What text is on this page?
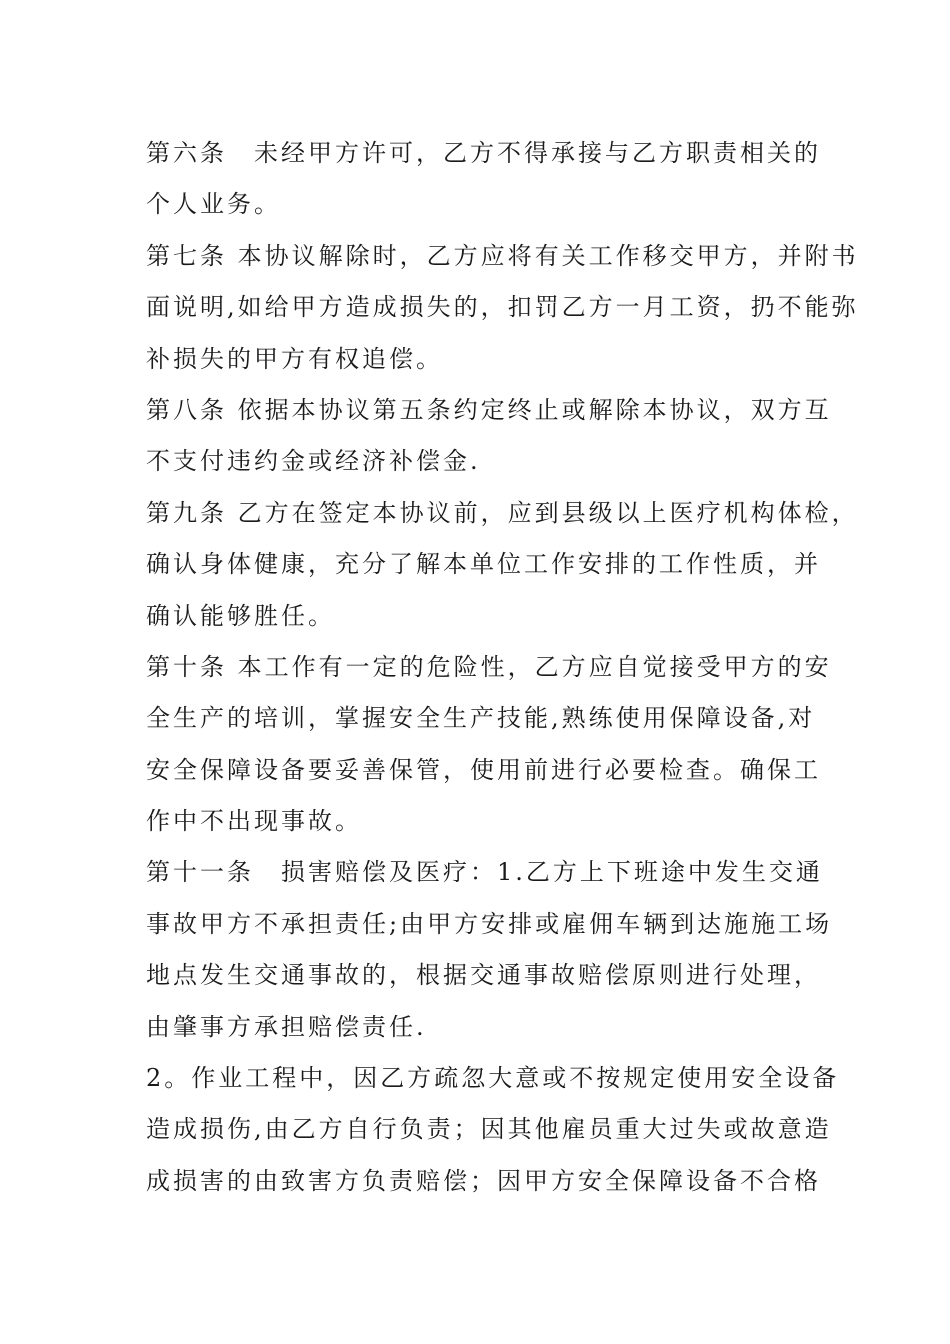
第六条　未经甲方许可，乙方不得承接与乙方职责相关的
个人业务。
第七条 本协议解除时，乙方应将有关工作移交甲方，并附书
面说明,如给甲方造成损失的，扣罚乙方一月工资，扔不能弥
补损失的甲方有权追偿。
第八条 依据本协议第五条约定终止或解除本协议，双方互
不支付违约金或经济补偿金.
第九条 乙方在签定本协议前，应到县级以上医疗机构体检，
确认身体健康，充分了解本单位工作安排的工作性质，并
确认能够胜任。
第十条 本工作有一定的危险性，乙方应自觉接受甲方的安
全生产的培训，掌握安全生产技能,熟练使用保障设备,对
安全保障设备要妥善保管，使用前进行必要检查。确保工
作中不出现事故。
第十一条　损害赔偿及医疗：1.乙方上下班途中发生交通
事故甲方不承担责任;由甲方安排或雇佣车辆到达施施工场
地点发生交通事故的，根据交通事故赔偿原则进行处理，
由肇事方承担赔偿责任.
2。作业工程中，因乙方疏忽大意或不按规定使用安全设备
造成损伤,由乙方自行负责；因其他雇员重大过失或故意造
成损害的由致害方负责赔偿；因甲方安全保障设备不合格
